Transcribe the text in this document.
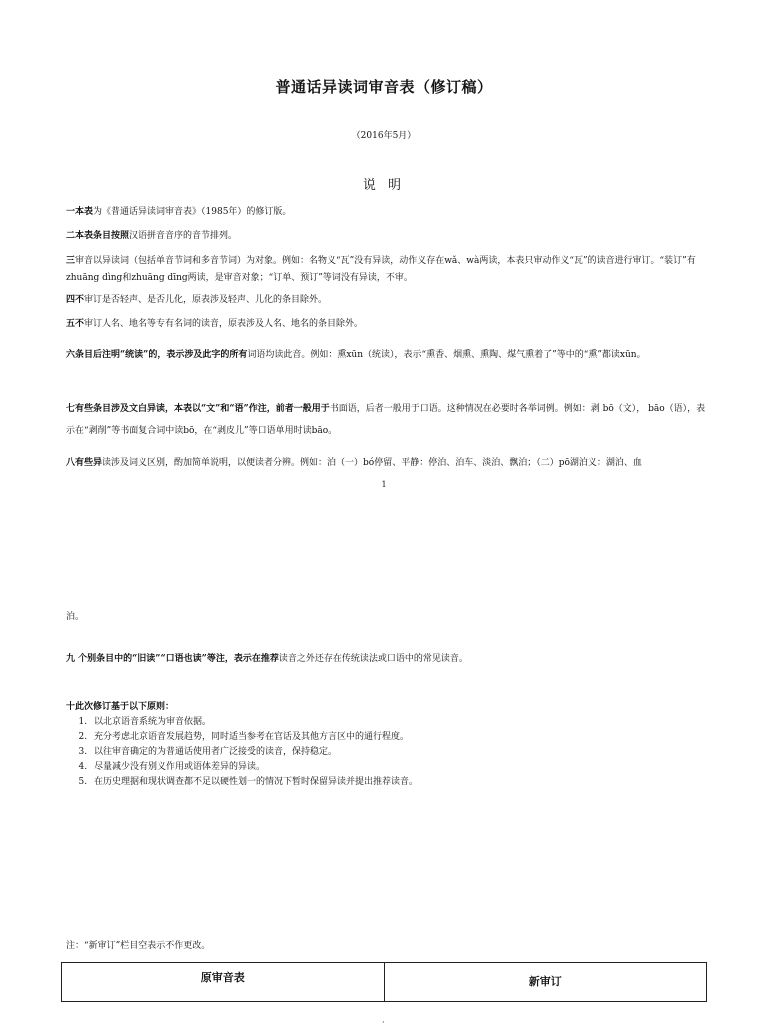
普通话异读词审音表（修订稿）
（2016年5月）
说 明

一本表为《普通话异读词审音表》（1985年）的修订版。

二本表条目按照汉语拼音音序的音节排列。

三审音以异读词（包括单音节词和多音节词）为对象。例如：名物义“瓦”没有异读，动作义存在wǎ、wà两读，本表只审动作义“瓦”的读音进行审订。“装订”有zhuāng dìng和zhuāng dīng两读，是审音对象；“订单、预订”等词没有异读，不审。

四不审订是否轻声、是否儿化，原表涉及轻声、儿化的条目除外。

五不审订人名、地名等专有名词的读音，原表涉及人名、地名的条目除外。

六条目后注明“统读”的，表示涉及此字的所有词语均读此音。例如：熏xūn（统读），表示“熏香、烟熏、熏陶、煤气熏着了”等中的“熏”都读xūn。

七有些条目涉及文白异读，本表以“文”和“语”作注，前者一般用于书面语，后者一般用于口语。这种情况在必要时各举词例。例如：剥 bō（文）， bāo（语），表示在“剥削”等书面复合词中读bō，在“剥皮儿”等口语单用时读bāo。

八有些异读涉及词义区别，酌加简单说明，以便读者分辨。例如：泊（一）bó停留、平静：停泊、泊车、淡泊、飘泊；（二）pō湖泊义：湖泊、血

1

泊。

九 个别条目中的“旧读”“口语也读”等注，表示在推荐读音之外还存在传统读法或口语中的常见读音。

十此次修订基于以下原则：

1. 以北京语音系统为审音依据。
2. 充分考虑北京语音发展趋势，同时适当参考在官话及其他方言区中的通行程度。
3. 以往审音确定的为普通话使用者广泛接受的读音，保持稳定。
4. 尽量减少没有别义作用或语体差异的异读。
5. 在历史理据和现状调查都不足以硬性划一的情况下暂时保留异读并提出推荐读音。
注：“新审订”栏目空表示不作更改。
原审音表	新审订
·
